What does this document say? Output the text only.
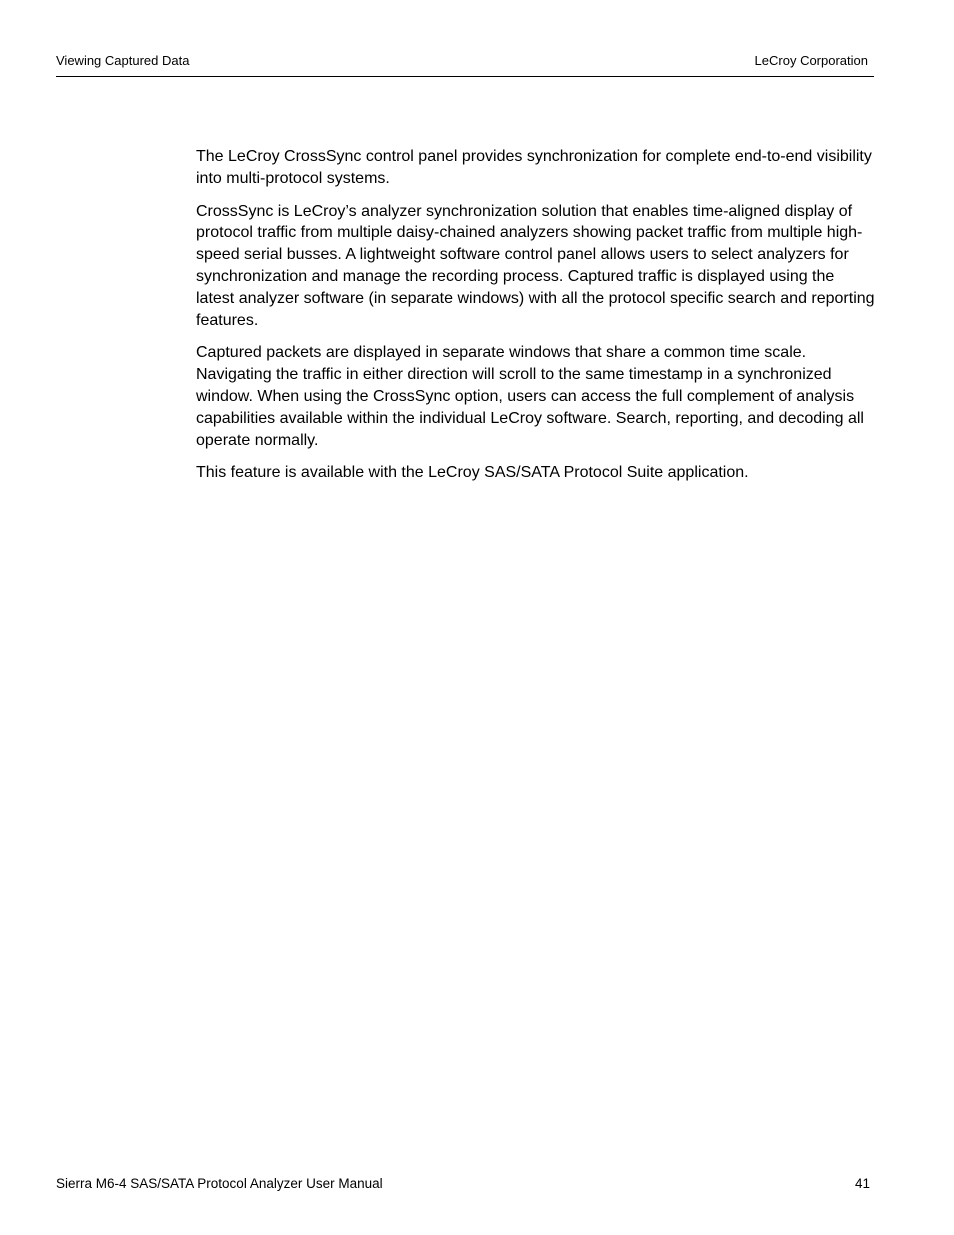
Viewing Captured Data	LeCroy Corporation

The LeCroy CrossSync control panel provides synchronization for complete end-to-end visibility into multi-protocol systems.

CrossSync is LeCroy’s analyzer synchronization solution that enables time-aligned display of protocol traffic from multiple daisy-chained analyzers showing packet traffic from multiple high-speed serial busses. A lightweight software control panel allows users to select analyzers for synchronization and manage the recording process. Captured traffic is displayed using the latest analyzer software (in separate windows) with all the protocol specific search and reporting features.

Captured packets are displayed in separate windows that share a common time scale. Navigating the traffic in either direction will scroll to the same timestamp in a synchronized window. When using the CrossSync option, users can access the full complement of analysis capabilities available within the individual LeCroy software. Search, reporting, and decoding all operate normally.

This feature is available with the LeCroy SAS/SATA Protocol Suite application.

Sierra M6-4 SAS/SATA Protocol Analyzer User Manual	41
